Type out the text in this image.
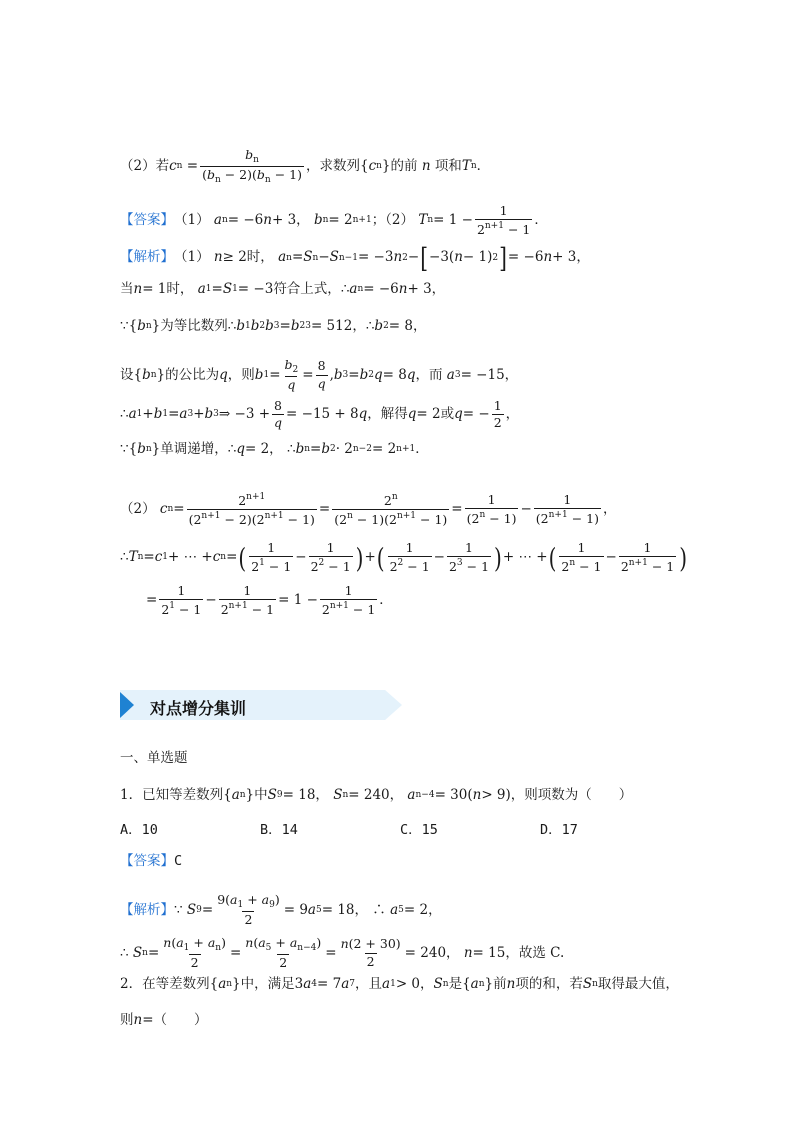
（2）若 c $n = \frac{b_n}{(b_n - 2)(b_n - 1)}$ ，求数列 { c n } 的前
n
项和 T n ．
【答案】 （1）
a n = −6 n + 3， b n = 2 n+1 ；（2）
T $n = 1 - \frac{1}{2^{n+1} - 1}$ ．
【解析】 （1）
n ≥ 2 时，
a n = S n − S n−1 = −3 n 2 − [ −3( n − 1) 2 ] = −6 n + 3，
当 n = 1 时，
a 1 = S 1 = −3 符合上式， ∴ a n = −6 n + 3，
∵ { b n } 为等比数列 ∴ b 1 b 2 b 3 = b 2 3 = 512 ， ∴ b 2 = 8，
设 { b n } 的公比为 q ，则 b $1 = \frac{b_2}{q} = \frac{8}{q}$ , b 3 = b 2 q = 8 q ，而
a 3 = −15，
∴ a 1 + b 1 = a 3 + b 3 ⇒ $-3 + \frac{8}{q} = -15 + 8$ q ，解得 q = 2 或 q = − $\frac{1}{2}$ ，
∵ { b n } 单调递增， ∴ q = 2， ∴ b n = b 2 · 2 n−2 = 2 n+1 ．
（2）
c $n = \frac{2^{n+1}}{(2^{n+1} - 2)(2^{n+1} - 1)} = \frac{2^n}{(2^n - 1)(2^{n+1} - 1)} = \frac{1}{(2^n - 1)} - \frac{1}{(2^{n+1} - 1)}$ ，
∴ T n = c 1 + ⋯ + c n = ( $\frac{1}{2^1 - 1} - \frac{1}{2^2 - 1}$ ) + ( $\frac{1}{2^2 - 1} - \frac{1}{2^3 - 1}$ ) + ⋯ + ( $\frac{1}{2^n - 1} - \frac{1}{2^{n+1} - 1}$ )
= $\frac{1}{2^1 - 1} - \frac{1}{2^{n+1} - 1} = 1 - \frac{1}{2^{n+1} - 1}$ ．
对点增分集训
一、单选题
1．已知等差数列 { a n } 中 S 9 = 18， S n = 240， a n−4 = 30( n > 9) ，则项数为（　　）
A．10	B．14	C．15	D．17
【答案】 C
【解析】 ∵ S $9 = \frac{9(a_1 + a_9)}{2} = 9$ a 5 = 18， ∴ a 5 = 2，
∴ S $n = \frac{n(a_1 + a_n)}{2} = \frac{n(a_5 + a_{n-4})}{2} = \frac{n(2 + 30)}{2} = 240$， n = 15 ，故选 C.
2．在等差数列 { a n } 中，满足 3 a 4 = 7 a 7 ，且 a 1 > 0 ， S n 是 { a n } 前 n 项的和，若 S n 取得最大值，
则 n = （　　）
